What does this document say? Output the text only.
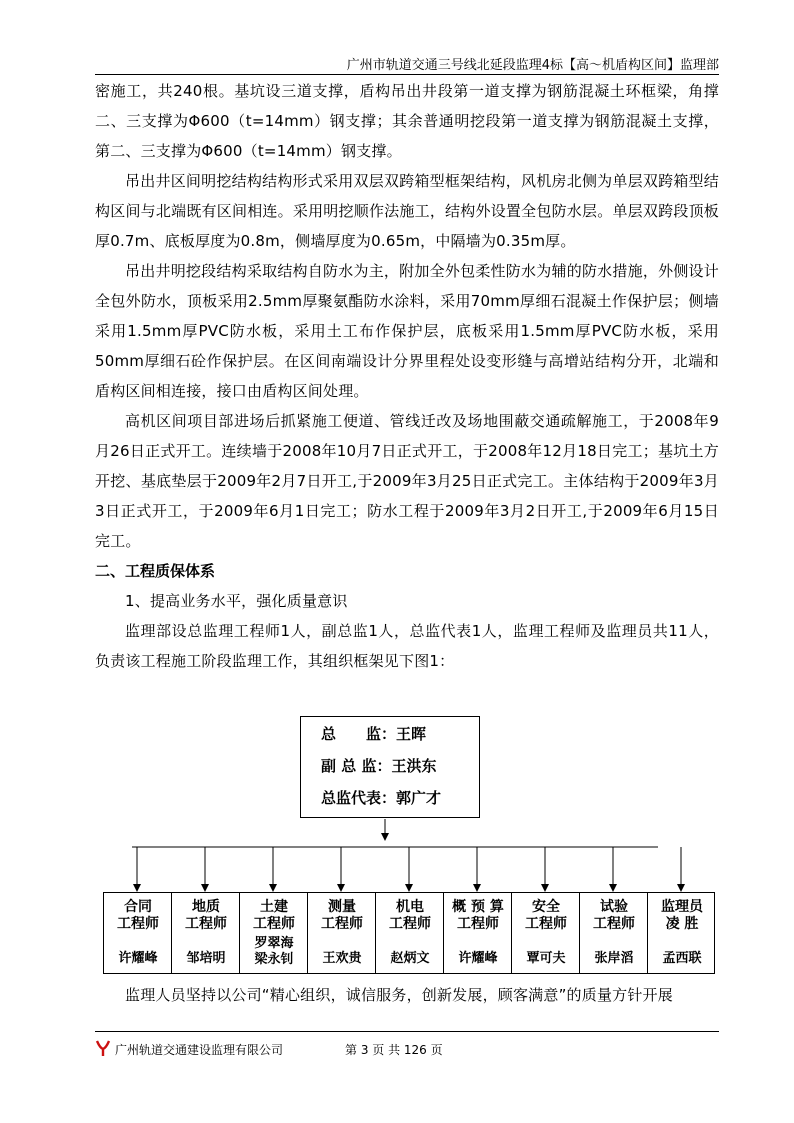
广州市轨道交通三号线北延段监理4标【高～机盾构区间】监理部

密施工，共240根。基坑设三道支撑，盾构吊出井段第一道支撑为钢筋混凝土环框梁，角撑二、三支撑为Φ600（t=14mm）钢支撑；其余普通明挖段第一道支撑为钢筋混凝土支撑，第二、三支撑为Φ600（t=14mm）钢支撑。

吊出井区间明挖结构结构形式采用双层双跨箱型框架结构，风机房北侧为单层双跨箱型结构区间与北端既有区间相连。采用明挖顺作法施工，结构外设置全包防水层。单层双跨段顶板厚0.7m、底板厚度为0.8m，侧墙厚度为0.65m，中隔墙为0.35m厚。

吊出井明挖段结构采取结构自防水为主，附加全外包柔性防水为辅的防水措施，外侧设计全包外防水，顶板采用2.5mm厚聚氨酯防水涂料，采用70mm厚细石混凝土作保护层；侧墙采用1.5mm厚PVC防水板，采用土工布作保护层，底板采用1.5mm厚PVC防水板，采用50mm厚细石砼作保护层。在区间南端设计分界里程处设变形缝与高增站结构分开，北端和盾构区间相连接，接口由盾构区间处理。

高机区间项目部进场后抓紧施工便道、管线迁改及场地围蔽交通疏解施工，于2008年9月26日正式开工。连续墙于2008年10月7日正式开工，于2008年12月18日完工；基坑土方开挖、基底垫层于2009年2月7日开工,于2009年3月25日正式完工。主体结构于2009年3月3日正式开工，于2009年6月1日完工；防水工程于2009年3月2日开工,于2009年6月15日完工。

二、工程质保体系

1、提高业务水平，强化质量意识

监理部设总监理工程师1人，副总监1人，总监代表1人，监理工程师及监理员共11人，负责该工程施工阶段监理工作，其组织框架见下图1：

总　　监：王晖
副 总 监：王洪东
总监代表：郭广才
合同
工程师
许耀峰
地质
工程师
邹培明
土建
工程师
罗翠海
梁永钊
测量
工程师
王欢贵
机电
工程师
赵炳文
概 预 算
工程师
许耀峰
安全
工程师
覃可夫
试验
工程师
张岸滔
监理员
凌 胜
孟西联

监理人员坚持以公司“精心组织，诚信服务，创新发展，顾客满意”的质量方针开展

广州轨道交通建设监理有限公司	第 3 页 共 126 页
